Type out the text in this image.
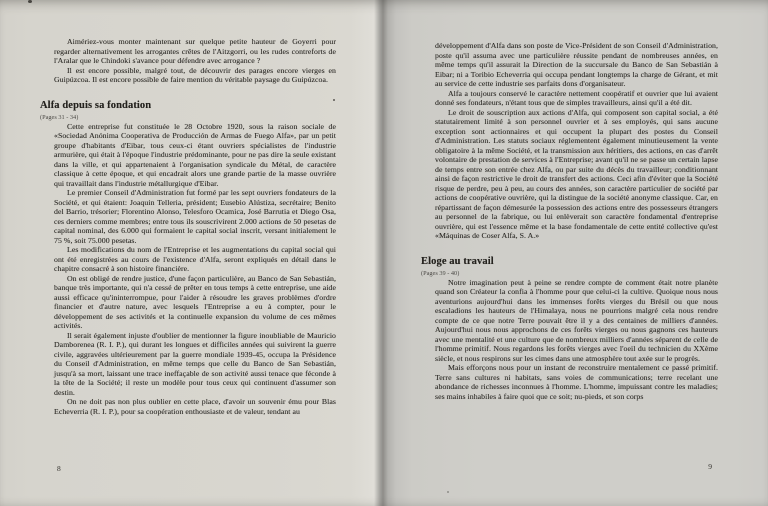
Aimériez-vous monter maintenant sur quelque petite hauteur de Goyerri pour regarder alternativement les arrogantes crêtes de l'Aitzgorri, ou les rudes contreforts de l'Aralar que le Chindoki s'avance pour défendre avec arrogance ?

Il est encore possible, malgré tout, de découvrir des parages encore vierges en Guipúzcoa. Il est encore possible de faire mention du véritable paysage du Guipúzcoa.

Alfa depuis sa fondation
(Pages 31 - 34)

Cette entreprise fut constituée le 28 Octobre 1920, sous la raison sociale de «Sociedad Anónima Cooperativa de Producción de Armas de Fuego Alfa», par un petit groupe d'habitants d'Eibar, tous ceux-ci étant ouvriers spécialistes de l'industrie armurière, qui était à l'époque l'industrie prédominante, pour ne pas dire la seule existant dans la ville, et qui appartenaient à l'organisation syndicale du Métal, de caractère classique à cette époque, et qui encadrait alors une grande partie de la masse ouvrière qui travaillait dans l'industrie métallurgique d'Eibar.

Le premier Conseil d'Administration fut formé par les sept ouvriers fondateurs de la Société, et qui étaient: Joaquin Telleria, président; Eusebio Alústiza, secrétaire; Benito del Barrio, trésorier; Florentino Alonso, Telesforo Ocamica, José Barrutia et Diego Osa, ces derniers comme membres; entre tous ils souscrivirent 2.000 actions de 50 pesetas de capital nominal, des 6.000 qui formaient le capital social inscrit, versant initialement le 75 %, soit 75.000 pesetas.

Les modifications du nom de l'Entreprise et les augmentations du capital social qui ont été enregistrées au cours de l'existence d'Alfa, seront expliqués en détail dans le chapitre consacré à son histoire financière.

On est obligé de rendre justice, d'une façon particulière, au Banco de San Sebastián, banque très importante, qui n'a cessé de prêter en tous temps à cette entreprise, une aide aussi efficace qu'ininterrompue, pour l'aider à résoudre les graves problèmes d'ordre financier et d'autre nature, avec lesquels l'Entreprise a eu à compter, pour le développement de ses activités et la continuelle expansion du volume de ces mêmes activités.

Il serait également injuste d'oublier de mentionner la figure inoubliable de Mauricio Damborenea (R. I. P.), qui durant les longues et difficiles années qui suivirent la guerre civile, aggravées ultérieurement par la guerre mondiale 1939-45, occupa la Présidence du Conseil d'Administration, en même temps que celle du Banco de San Sebastián, jusqu'à sa mort, laissant une trace ineffaçable de son activité aussi tenace que féconde à la tête de la Société; il reste un modèle pour tous ceux qui continuent d'assumer son destin.

On ne doit pas non plus oublier en cette place, d'avoir un souvenir ému pour Blas Echeverria (R. I. P.), pour sa coopération enthousiaste et de valeur, tendant au

8

développement d'Alfa dans son poste de Vice-Président de son Conseil d'Administration, poste qu'il assuma avec une particulière réussite pendant de nombreuses années, en même temps qu'il assurait la Direction de la succursale du Banco de San Sebastián à Eibar; ni a Toribio Echeverria qui occupa pendant longtemps la charge de Gérant, et mit au service de cette industrie ses parfaits dons d'organisateur.

Alfa a toujours conservé le caractère nettement coopératif et ouvrier que lui avaient donné ses fondateurs, n'étant tous que de simples travailleurs, ainsi qu'il a été dit.

Le droit de souscription aux actions d'Alfa, qui composent son capital social, a été statutairement limité à son personnel ouvrier et à ses employés, qui sans aucune exception sont actionnaires et qui occupent la plupart des postes du Conseil d'Administration. Les statuts sociaux réglementent également minutieusement la vente obligatoire à la même Société, et la transmission aux héritiers, des actions, en cas d'arrêt volontaire de prestation de services à l'Entreprise; avant qu'il ne se passe un certain lapse de temps entre son entrée chez Alfa, ou par suite du décès du travailleur; conditionnant ainsi de façon restrictive le droit de transfert des actions. Ceci afin d'éviter que la Société risque de perdre, peu à peu, au cours des années, son caractère particulier de société par actions de coopérative ouvrière, qui la distingue de la société anonyme classique. Car, en répartissant de façon démesurée la possession des actions entre des possesseurs étrangers au personnel de la fabrique, ou lui enlèverait son caractère fondamental d'entreprise ouvrière, qui est l'essence même et la base fondamentale de cette entité collective qu'est «Máquinas de Coser Alfa, S. A.»

Eloge au travail
(Pages 39 - 40)

Notre imagination peut à peine se rendre compte de comment était notre planète quand son Créateur la confia à l'homme pour que celui-ci la cultive. Quoique nous nous aventurions aujourd'hui dans les immenses forêts vierges du Brésil ou que nous escaladions les hauteurs de l'Himalaya, nous ne pourrions malgré cela nous rendre compte de ce que notre Terre pouvait être il y a des centaines de milliers d'années. Aujourd'hui nous nous approchons de ces forêts vierges ou nous gagnons ces hauteurs avec une mentalité et une culture que de nombreux milliers d'années séparent de celle de l'homme primitif. Nous regardons les forêts vierges avec l'oeil du technicien du XXème siècle, et nous respirons sur les cimes dans une atmosphère tout axée sur le progrès.

Mais efforçons nous pour un instant de reconstruire mentalement ce passé primitif. Terre sans cultures ni habitats, sans voies de communications; terre recelant une abondance de richesses inconnues à l'homme. L'homme, impuissant contre les maladies; ses mains inhabiles à faire quoi que ce soit; nu-pieds, et son corps

9
